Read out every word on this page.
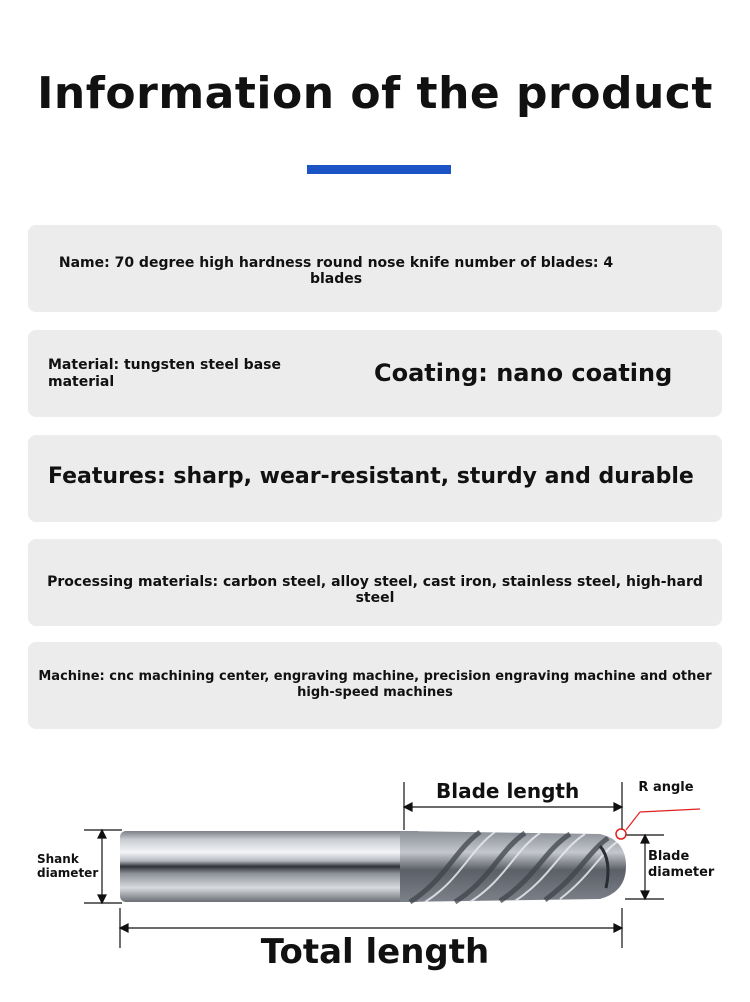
Information of the product
Name: 70 degree high hardness round nose knife number of blades: 4 blades
Material: tungsten steel base material	Coating: nano coating
Features: sharp, wear-resistant, sturdy and durable
Processing materials: carbon steel, alloy steel, cast iron, stainless steel, high-hard steel
Machine: cnc machining center, engraving machine, precision engraving machine and other high-speed machines
Blade length	R angle
Shank diameter
Blade diameter
Total length
